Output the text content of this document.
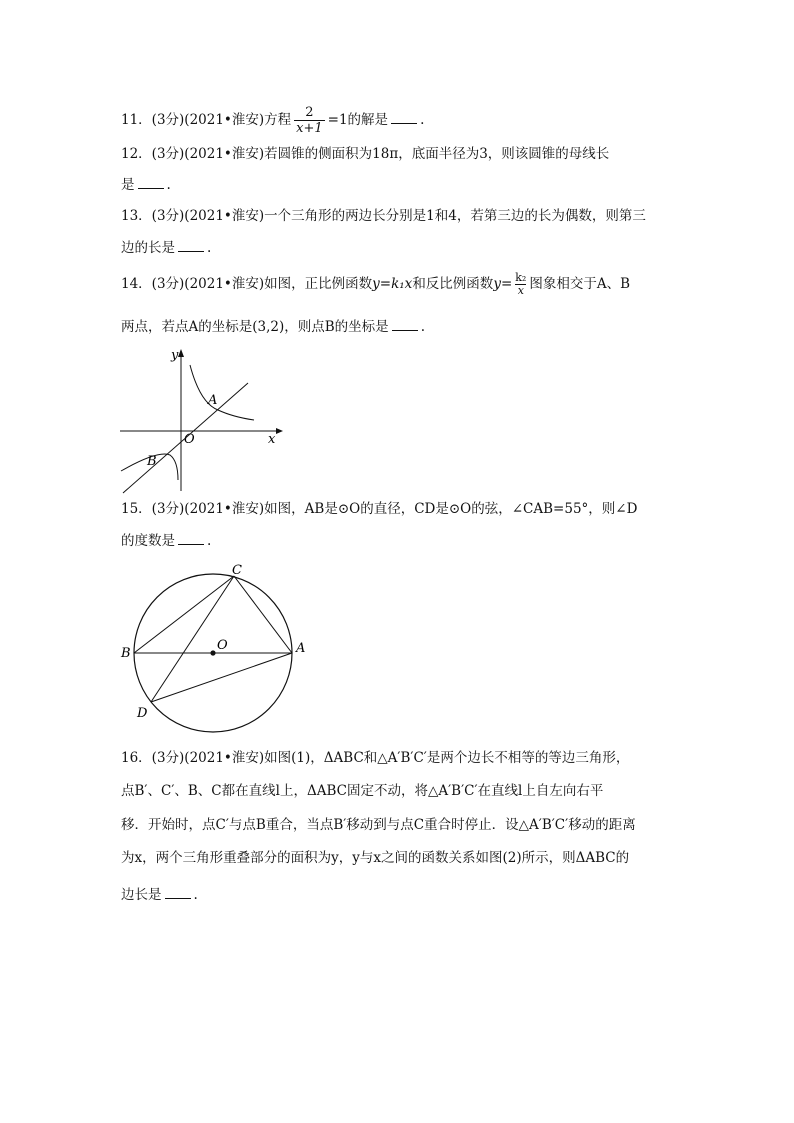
11．(3分)(2021•淮安)方程 $\frac{2}{x+1} =1$的解是 .
12．(3分)(2021•淮安)若圆锥的侧面积为18π，底面半径为3，则该圆锥的母线长
是 .
13．(3分)(2021•淮安)一个三角形的两边长分别是1和4，若第三边的长为偶数，则第三
边的长是 .
14．(3分)(2021•淮安)如图，正比例函数y=k₁x和反比例函数$y= \frac{\text{k₂}}{x}$ 图象相交于A、B
两点，若点A的坐标是(3,2)，则点B的坐标是 .
y
x
O
A
B
15．(3分)(2021•淮安)如图，AB是⊙O的直径，CD是⊙O的弦，∠CAB=55°，则∠D
的度数是 .
C
O
B	A
D
16．(3分)(2021•淮安)如图(1)，ΔABC和△A′B′C′是两个边长不相等的等边三角形，
点B′、C′、B、C都在直线l上，ΔABC固定不动，将△A′B′C′在直线l上自左向右平
移．开始时，点C′与点B重合，当点B′移动到与点C重合时停止．设△A′B′C′移动的距离
为x，两个三角形重叠部分的面积为y，y与x之间的函数关系如图(2)所示，则ΔABC的
边长是 .
